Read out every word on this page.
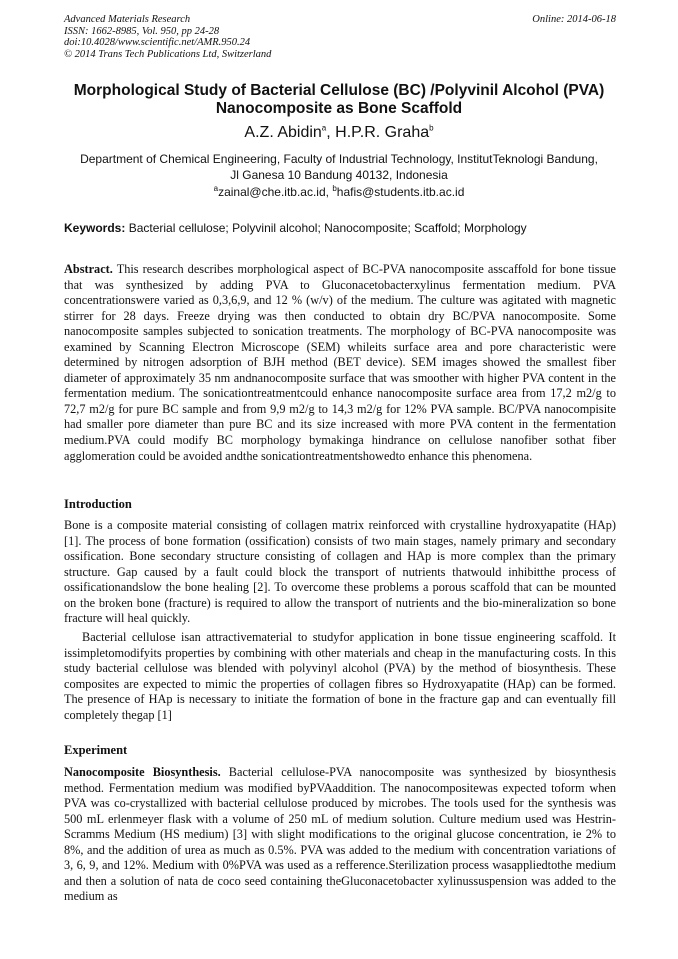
Advanced Materials Research
ISSN: 1662-8985, Vol. 950, pp 24-28
doi:10.4028/www.scientific.net/AMR.950.24
© 2014 Trans Tech Publications Ltd, Switzerland
Online: 2014-06-18
Morphological Study of Bacterial Cellulose (BC) /Polyvinil Alcohol (PVA)
Nanocomposite as Bone Scaffold
A.Z. Abidin$^a$, H.P.R. Graha$^b$
Department of Chemical Engineering, Faculty of Industrial Technology, InstitutTeknologi Bandung,
Jl Ganesa 10 Bandung 40132, Indonesia
$^a$zainal@che.itb.ac.id, $^b$hafis@students.itb.ac.id
Keywords: Bacterial cellulose; Polyvinil alcohol; Nanocomposite; Scaffold; Morphology
Abstract. This research describes morphological aspect of BC-PVA nanocomposite asscaffold for bone tissue that was synthesized by adding PVA to Gluconacetobacterxylinus fermentation medium. PVA concentrationswere varied as 0,3,6,9, and 12 % (w/v) of the medium. The culture was agitated with magnetic stirrer for 28 days. Freeze drying was then conducted to obtain dry BC/PVA nanocomposite. Some nanocomposite samples subjected to sonication treatments. The morphology of BC-PVA nanocomposite was examined by Scanning Electron Microscope (SEM) whileits surface area and pore characteristic were determined by nitrogen adsorption of BJH method (BET device). SEM images showed the smallest fiber diameter of approximately 35 nm andnanocomposite surface that was smoother with higher PVA content in the fermentation medium. The sonicationtreatmentcould enhance nanocomposite surface area from 17,2 m2/g to 72,7 m2/g for pure BC sample and from 9,9 m2/g to 14,3 m2/g for 12% PVA sample. BC/PVA nanocompisite had smaller pore diameter than pure BC and its size increased with more PVA content in the fermentation medium.PVA could modify BC morphology bymakinga hindrance on cellulose nanofiber sothat fiber agglomeration could be avoided andthe sonicationtreatmentshowedto enhance this phenomena.
Introduction
Bone is a composite material consisting of collagen matrix reinforced with crystalline hydroxyapatite (HAp) [1]. The process of bone formation (ossification) consists of two main stages, namely primary and secondary ossification. Bone secondary structure consisting of collagen and HAp is more complex than the primary structure. Gap caused by a fault could block the transport of nutrients thatwould inhibitthe process of ossificationandslow the bone healing [2]. To overcome these problems a porous scaffold that can be mounted on the broken bone (fracture) is required to allow the transport of nutrients and the bio-mineralization so bone fracture will heal quickly.
Bacterial cellulose isan attractivematerial to studyfor application in bone tissue engineering scaffold. It issimpletomodifyits properties by combining with other materials and cheap in the manufacturing costs. In this study bacterial cellulose was blended with polyvinyl alcohol (PVA) by the method of biosynthesis. These composites are expected to mimic the properties of collagen fibres so Hydroxyapatite (HAp) can be formed. The presence of HAp is necessary to initiate the formation of bone in the fracture gap and can eventually fill completely thegap [1]
Experiment
Nanocomposite Biosynthesis. Bacterial cellulose-PVA nanocomposite was synthesized by biosynthesis method. Fermentation medium was modified byPVAaddition. The nanocompositewas expected toform when PVA was co-crystallized with bacterial cellulose produced by microbes. The tools used for the synthesis was 500 mL erlenmeyer flask with a volume of 250 mL of medium solution. Culture medium used was Hestrin-Scramms Medium (HS medium) [3] with slight modifications to the original glucose concentration, ie 2% to 8%, and the addition of urea as much as 0.5%. PVA was added to the medium with concentration variations of 3, 6, 9, and 12%. Medium with 0%PVA was used as a refference.Sterilization process wasappliedtothe medium and then a solution of nata de coco seed containing theGluconacetobacter xylinussuspension was added to the medium as
